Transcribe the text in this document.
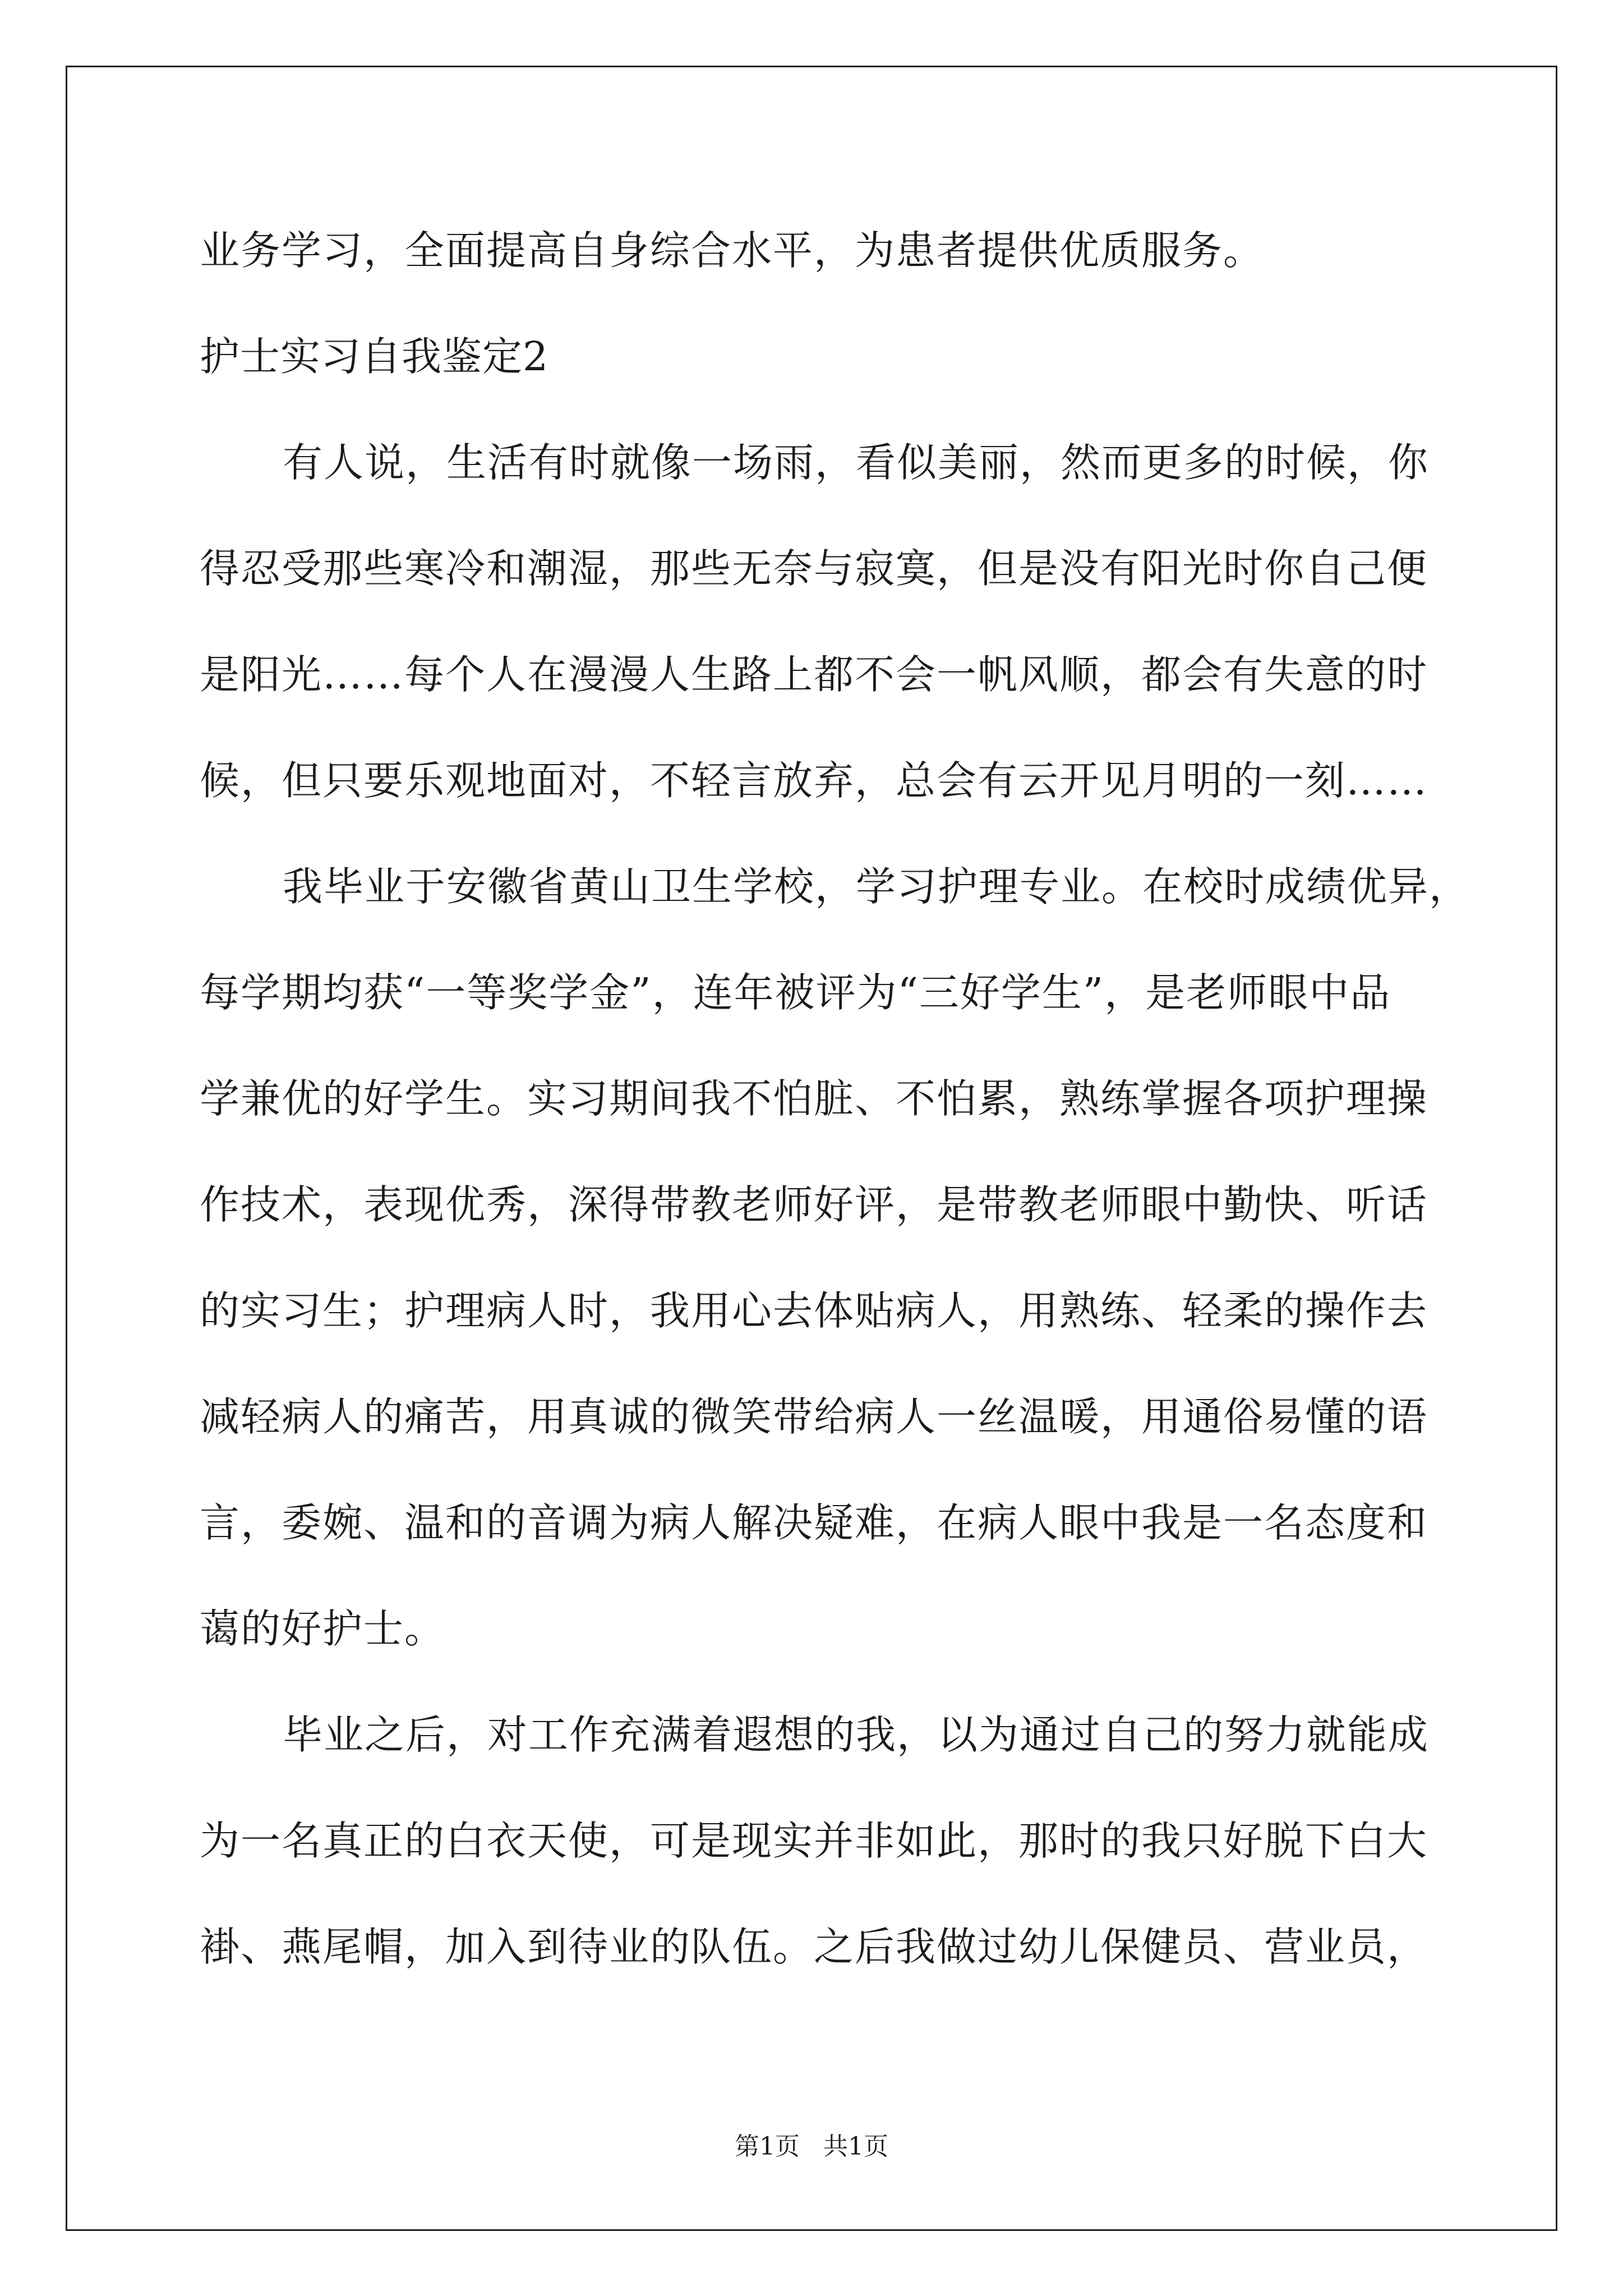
业务学习，全面提高自身综合水平，为患者提供优质服务。
护士实习自我鉴定2
有人说，生活有时就像一场雨，看似美丽，然而更多的时候，你
得忍受那些寒冷和潮湿，那些无奈与寂寞，但是没有阳光时你自己便
是阳光……每个人在漫漫人生路上都不会一帆风顺，都会有失意的时
候，但只要乐观地面对，不轻言放弃，总会有云开见月明的一刻……
我毕业于安徽省黄山卫生学校，学习护理专业。在校时成绩优异，
每学期均获“一等奖学金”，连年被评为“三好学生”，是老师眼中品
学兼优的好学生。实习期间我不怕脏、不怕累，熟练掌握各项护理操
作技术，表现优秀，深得带教老师好评，是带教老师眼中勤快、听话
的实习生；护理病人时，我用心去体贴病人，用熟练、轻柔的操作去
减轻病人的痛苦，用真诚的微笑带给病人一丝温暖，用通俗易懂的语
言，委婉、温和的音调为病人解决疑难，在病人眼中我是一名态度和
蔼的好护士。
毕业之后，对工作充满着遐想的我，以为通过自己的努力就能成
为一名真正的白衣天使，可是现实并非如此，那时的我只好脱下白大
褂、燕尾帽，加入到待业的队伍。之后我做过幼儿保健员、营业员，
第1页   共1页
